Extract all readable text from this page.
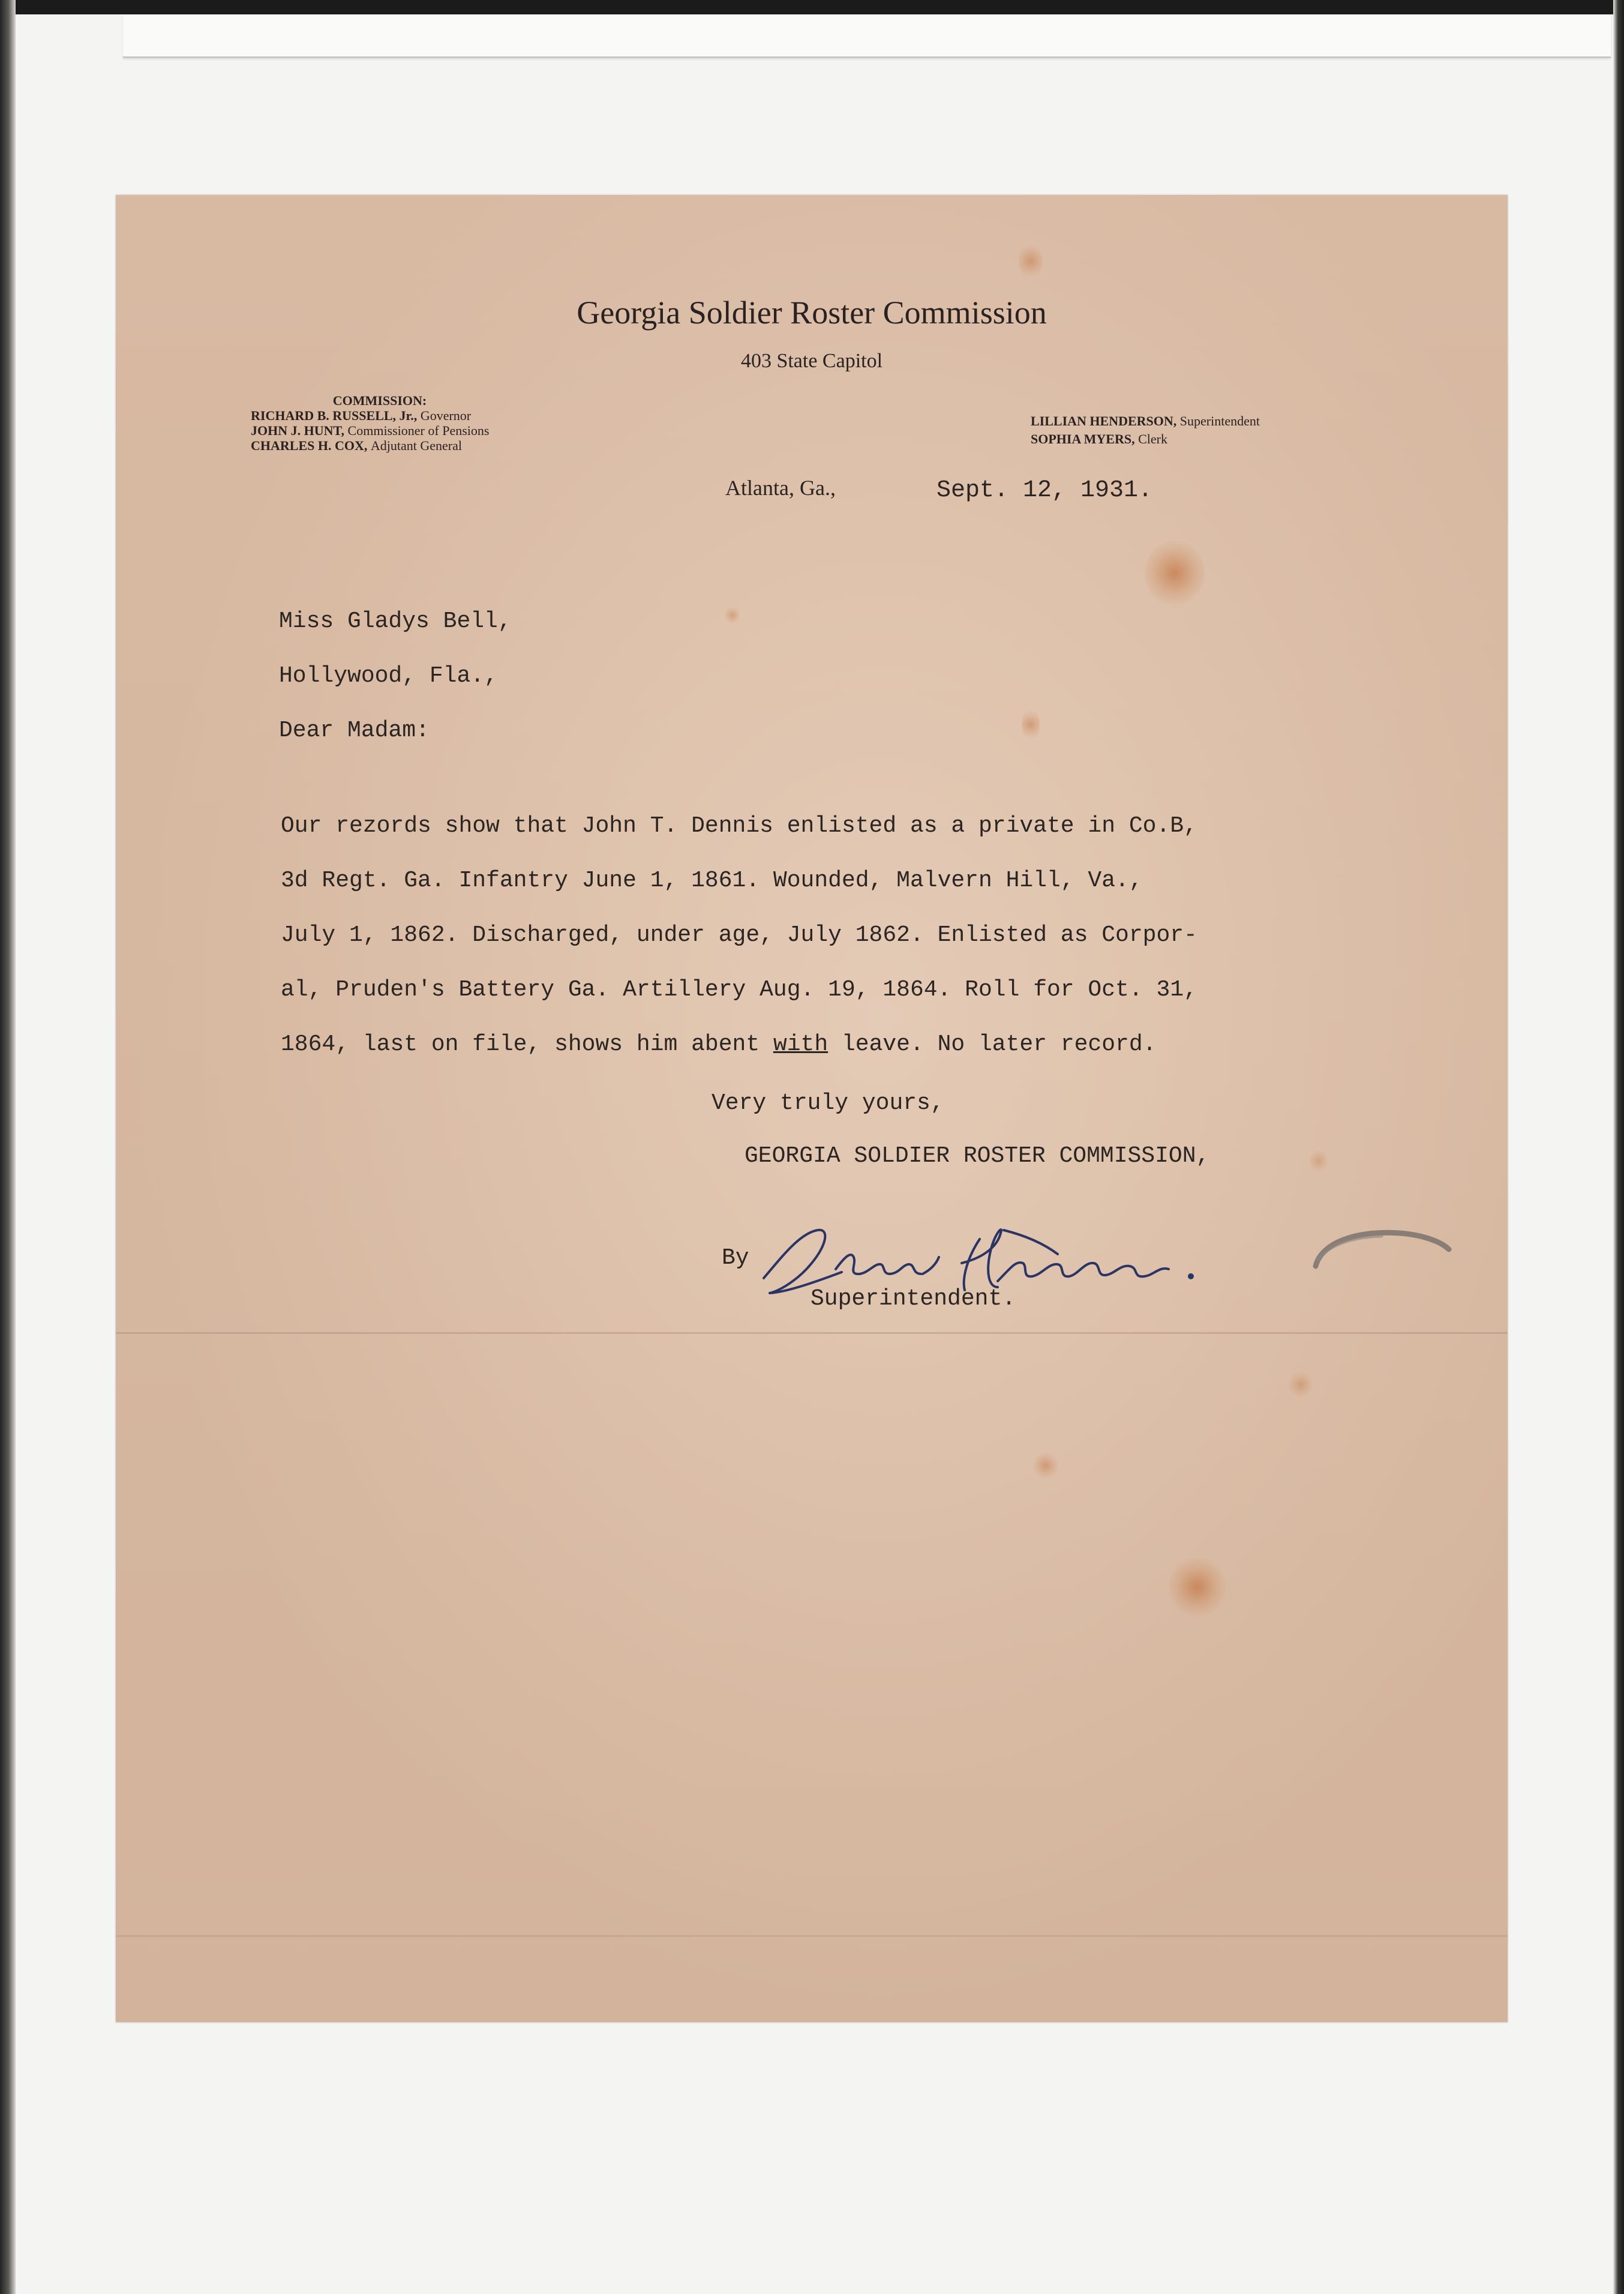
Georgia Soldier Roster Commission
403 State Capitol
COMMISSION:
RICHARD B. RUSSELL, Jr., Governor
JOHN J. HUNT, Commissioner of Pensions
CHARLES H. COX, Adjutant General
LILLIAN HENDERSON, Superintendent
SOPHIA MYERS, Clerk
Atlanta, Ga.,	Sept. 12, 1931.
Miss Gladys Bell,
Hollywood, Fla.,
Dear Madam:
Our rezords show that John T. Dennis enlisted as a private in Co.B,
3d Regt. Ga. Infantry June 1, 1861. Wounded, Malvern Hill, Va.,
July 1, 1862. Discharged, under age, July 1862. Enlisted as Corpor-
al, Pruden's Battery Ga. Artillery Aug. 19, 1864. Roll for Oct. 31,
1864, last on file, shows him abent with leave. No later record.
Very truly yours,
GEORGIA SOLDIER ROSTER COMMISSION,
By
Superintendent.
